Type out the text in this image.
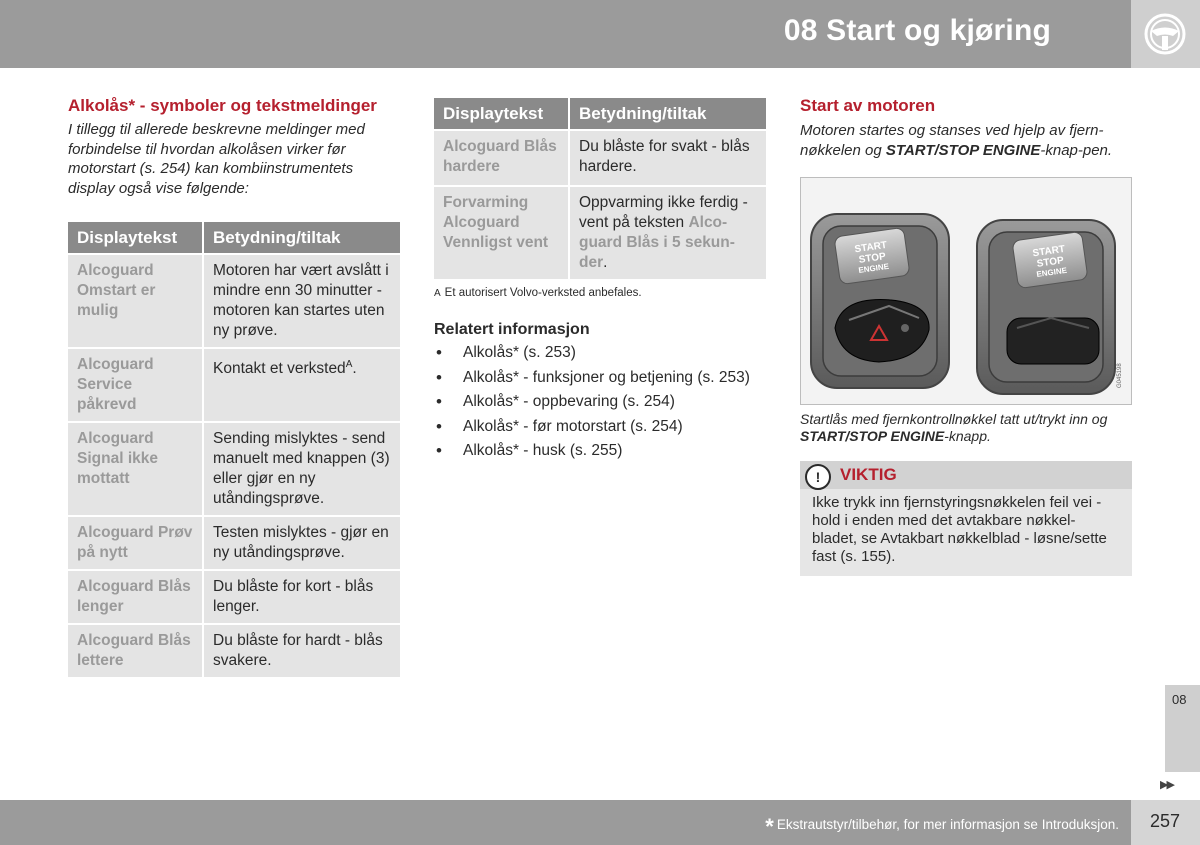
08 Start og kjøring

Alkolås* - symboler og tekstmeldinger

I tillegg til allerede beskrevne meldinger med forbindelse til hvordan alkolåsen virker før motorstart (s. 254) kan kombiinstrumentets display også vise følgende:

Displaytekst	Betydning/tiltak
Alcoguard Omstart er mulig	Motoren har vært avslått i mindre enn 30 minutter - motoren kan startes uten ny prøve.
Alcoguard Service påkrevd	Kontakt et verksted$^A$.
Alcoguard Signal ikke mottatt	Sending mislyktes - send manuelt med knappen (3) eller gjør en ny utåndingsprøve.
Alcoguard Prøv på nytt	Testen mislyktes - gjør en ny utåndingsprøve.
Alcoguard Blås lenger	Du blåste for kort - blås lenger.
Alcoguard Blås lettere	Du blåste for hardt - blås svakere.
Displaytekst	Betydning/tiltak
Alcoguard Blås hardere	Du blåste for svakt - blås hardere.
Forvarming Alcoguard Vennligst vent	Oppvarming ikke ferdig - vent på teksten Alco-guard Blås i 5 sekun-der.
A Et autorisert Volvo-verksted anbefales.
Relatert informasjon
• Alkolås* (s. 253)
• Alkolås* - funksjoner og betjening (s. 253)
• Alkolås* - oppbevaring (s. 254)
• Alkolås* - før motorstart (s. 254)
• Alkolås* - husk (s. 255)

Start av motoren

Motoren startes og stanses ved hjelp av fjern-nøkkelen og START/STOP ENGINE-knap-pen.

START
STOP
ENGINE
START
STOP
ENGINE
G045198
Startlås med fjernkontrollnøkkel tatt ut/trykt inn og START/STOP ENGINE-knapp.
!	VIKTIG
Ikke trykk inn fjernstyringsnøkkelen feil vei - hold i enden med det avtakbare nøkkel-bladet, se Avtakbart nøkkelblad - løsne/sette fast (s. 155).
08
▶▶
* Ekstrautstyr/tilbehør, for mer informasjon se Introduksjon. 257
